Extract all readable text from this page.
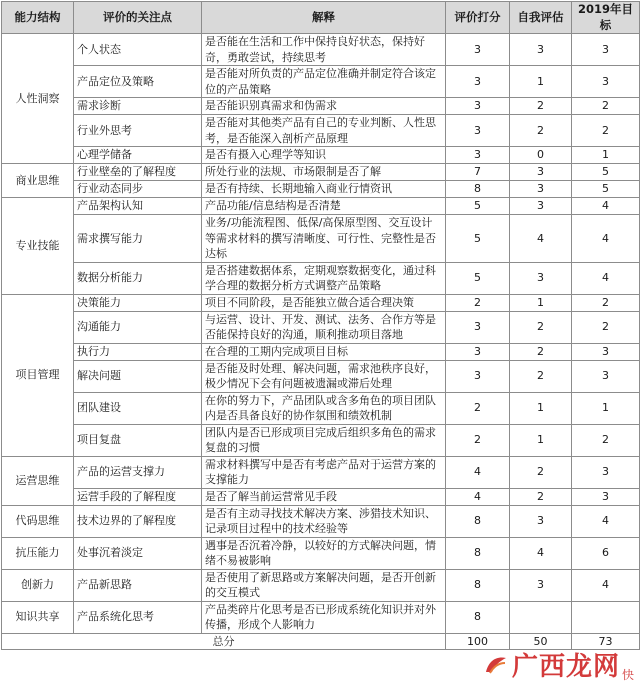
能力结构	评价的关注点	解释	评价打分	自我评估	2019年目标
人性洞察	个人状态	是否能在生活和工作中保持良好状态，保持好奇，勇敢尝试，持续思考	3	3	3
	产品定位及策略	是否能对所负责的产品定位准确并制定符合该定位的产品策略	3	1	3
	需求诊断	是否能识别真需求和伪需求	3	2	2
	行业外思考	是否能对其他类产品有自己的专业判断、人性思考，是否能深入剖析产品原理	3	2	2
	心理学储备	是否有摄入心理学等知识	3	0	1
商业思维	行业壁垒的了解程度	所处行业的法规、市场限制是否了解	7	3	5
	行业动态同步	是否有持续、长期地输入商业行情资讯	8	3	5
专业技能	产品架构认知	产品功能/信息结构是否清楚	5	3	4
	需求撰写能力	业务/功能流程图、低保/高保原型图、交互设计等需求材料的撰写清晰度、可行性、完整性是否达标	5	4	4
	数据分析能力	是否搭建数据体系，定期观察数据变化，通过科学合理的数据分析方式调整产品策略	5	3	4
项目管理	决策能力	项目不同阶段，是否能独立做合适合理决策	2	1	2
	沟通能力	与运营、设计、开发、测试、法务、合作方等是否能保持良好的沟通，顺利推动项目落地	3	2	2
	执行力	在合理的工期内完成项目目标	3	2	3
	解决问题	是否能及时处理、解决问题，需求池秩序良好，极少情况下会有问题被遗漏或滞后处理	3	2	3
	团队建设	在你的努力下，产品团队或含多角色的项目团队内是否具备良好的协作氛围和绩效机制	2	1	1
	项目复盘	团队内是否已形成项目完成后组织多角色的需求复盘的习惯	2	1	2
运营思维	产品的运营支撑力	需求材料撰写中是否有考虑产品对于运营方案的支撑能力	4	2	3
	运营手段的了解程度	是否了解当前运营常见手段	4	2	3
代码思维	技术边界的了解程度	是否有主动寻找技术解决方案、涉猎技术知识、记录项目过程中的技术经验等	8	3	4
抗压能力	处事沉着淡定	遇事是否沉着冷静，以较好的方式解决问题，情绪不易被影响	8	4	6
创新力	产品新思路	是否使用了新思路或方案解决问题，是否开创新的交互模式	8	3	4
知识共享	产品系统化思考	产品类碎片化思考是否已形成系统化知识并对外传播，形成个人影响力	8		
总分			100	50	73
广西龙网 快
